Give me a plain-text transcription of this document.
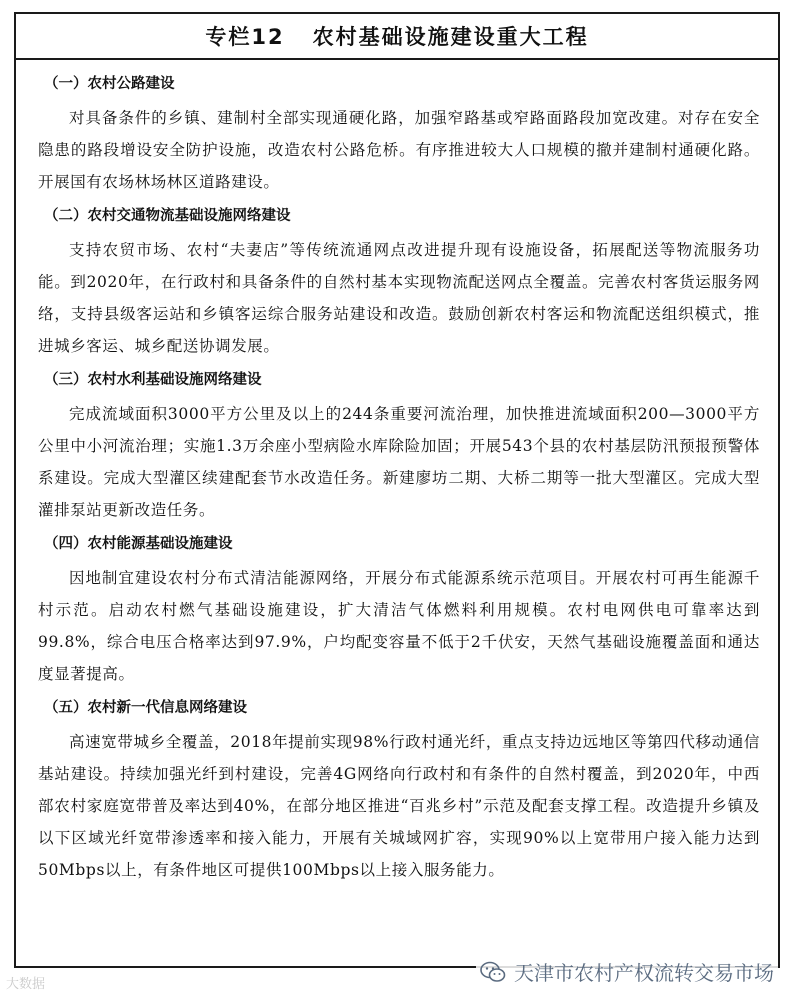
专栏12 农村基础设施建设重大工程
（一）农村公路建设

对具备条件的乡镇、建制村全部实现通硬化路，加强窄路基或窄路面路段加宽改建。对存在安全隐患的路段增设安全防护设施，改造农村公路危桥。有序推进较大人口规模的撤并建制村通硬化路。开展国有农场林场林区道路建设。

（二）农村交通物流基础设施网络建设

支持农贸市场、农村“夫妻店”等传统流通网点改进提升现有设施设备，拓展配送等物流服务功能。到2020年，在行政村和具备条件的自然村基本实现物流配送网点全覆盖。完善农村客货运服务网络，支持县级客运站和乡镇客运综合服务站建设和改造。鼓励创新农村客运和物流配送组织模式，推进城乡客运、城乡配送协调发展。

（三）农村水利基础设施网络建设

完成流域面积3000平方公里及以上的244条重要河流治理，加快推进流域面积200—3000平方公里中小河流治理；实施1.3万余座小型病险水库除险加固；开展543个县的农村基层防汛预报预警体系建设。完成大型灌区续建配套节水改造任务。新建廖坊二期、大桥二期等一批大型灌区。完成大型灌排泵站更新改造任务。

（四）农村能源基础设施建设

因地制宜建设农村分布式清洁能源网络，开展分布式能源系统示范项目。开展农村可再生能源千村示范。启动农村燃气基础设施建设，扩大清洁气体燃料利用规模。农村电网供电可靠率达到99.8%，综合电压合格率达到97.9%，户均配变容量不低于2千伏安，天然气基础设施覆盖面和通达度显著提高。

（五）农村新一代信息网络建设

高速宽带城乡全覆盖，2018年提前实现98%行政村通光纤，重点支持边远地区等第四代移动通信基站建设。持续加强光纤到村建设，完善4G网络向行政村和有条件的自然村覆盖，到2020年，中西部农村家庭宽带普及率达到40%，在部分地区推进“百兆乡村”示范及配套支撑工程。改造提升乡镇及以下区域光纤宽带渗透率和接入能力，开展有关城域网扩容，实现90%以上宽带用户接入能力达到50Mbps以上，有条件地区可提供100Mbps以上接入服务能力。

大数据	天津市农村产权流转交易市场
